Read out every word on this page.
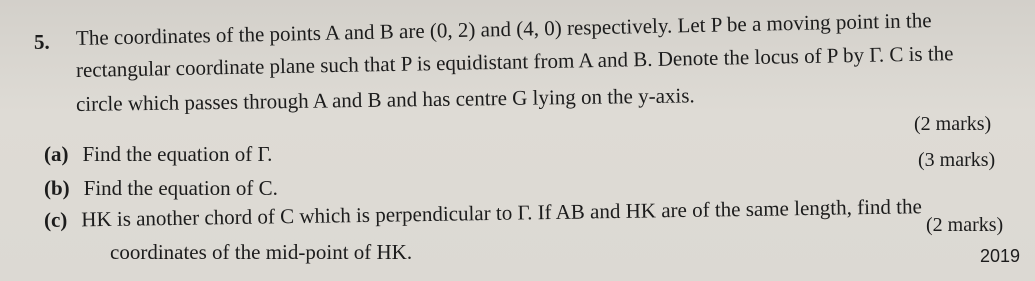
5. The coordinates of the points A and B are (0, 2) and (4, 0) respectively. Let P be a moving point in the
rectangular coordinate plane such that P is equidistant from A and B. Denote the locus of P by Γ. C is the
circle which passes through A and B and has centre G lying on the y-axis.
(2 marks)
(a) Find the equation of Γ.	(3 marks)
(b) Find the equation of C.
(c) HK is another chord of C which is perpendicular to Γ. If AB and HK are of the same length, find the
coordinates of the mid-point of HK.
(2 marks)
2019
